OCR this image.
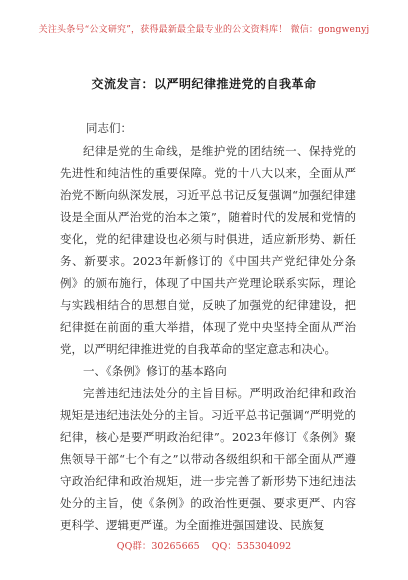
关注头条号“公文研究”，获得最新最全最专业的公文资料库！ 微信：gongwenyj
交流发言：以严明纪律推进党的自我革命
同志们：

纪律是党的生命线，是维护党的团结统一、保持党的先进性和纯洁性的重要保障。党的十八大以来，全面从严治党不断向纵深发展，习近平总书记反复强调“加强纪律建设是全面从严治党的治本之策”，随着时代的发展和党情的变化，党的纪律建设也必须与时俱进，适应新形势、新任务、新要求。2023年新修订的《中国共产党纪律处分条例》的颁布施行，体现了中国共产党理论联系实际，理论与实践相结合的思想自觉，反映了加强党的纪律建设，把纪律挺在前面的重大举措，体现了党中央坚持全面从严治党，以严明纪律推进党的自我革命的坚定意志和决心。

一、《条例》修订的基本路向

完善违纪违法处分的主旨目标。严明政治纪律和政治规矩是违纪违法处分的主旨。习近平总书记强调“严明党的纪律，核心是要严明政治纪律”。2023年修订《条例》聚焦领导干部“七个有之”以带动各级组织和干部全面从严遵守政治纪律和政治规矩，进一步完善了新形势下违纪违法处分的主旨，使《条例》的政治性更强、要求更严、内容更科学、逻辑更严谨。为全面推进强国建设、民族复

QQ群：30265665 QQ：535304092
